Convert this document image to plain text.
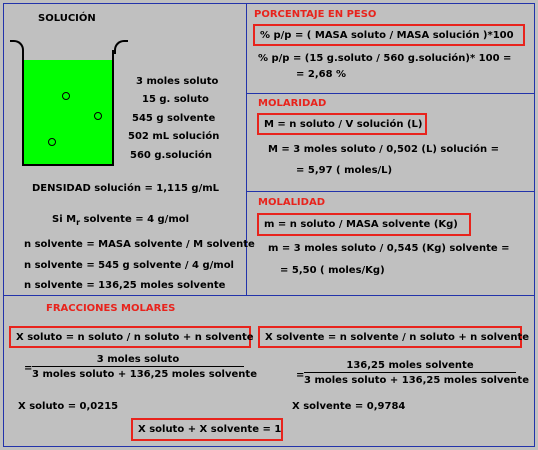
SOLUCIÓN
3 moles soluto
15 g. soluto
545 g solvente
502 mL solución
560 g.solución
DENSIDAD solución = 1,115 g/mL
Si $M_r$ solvente = 4 g/mol
n solvente = MASA solvente / M solvente
n solvente = 545 g solvente / 4 g/mol
n solvente = 136,25 moles solvente
PORCENTAJE EN PESO
% p/p = ( MASA soluto / MASA solución )*100
% p/p = (15 g.soluto / 560 g.solución)* 100 =
= 2,68 %
MOLARIDAD
M = n soluto / V solución (L)
M = 3 moles soluto / 0,502 (L) solución =
= 5,97 ( moles/L)
MOLALIDAD
m = n soluto / MASA solvente (Kg)
m = 3 moles soluto / 0,545 (Kg) solvente =
= 5,50 ( moles/Kg)
FRACCIONES MOLARES
X soluto = n soluto / n soluto + n solvente X solvente = n solvente / n soluto + n solvente
=
3 moles soluto
3 moles soluto + 136,25 moles solvente	=
136,25 moles solvente
3 moles soluto + 136,25 moles solvente
X soluto = 0,0215	X solvente = 0,9784
X soluto + X solvente = 1
